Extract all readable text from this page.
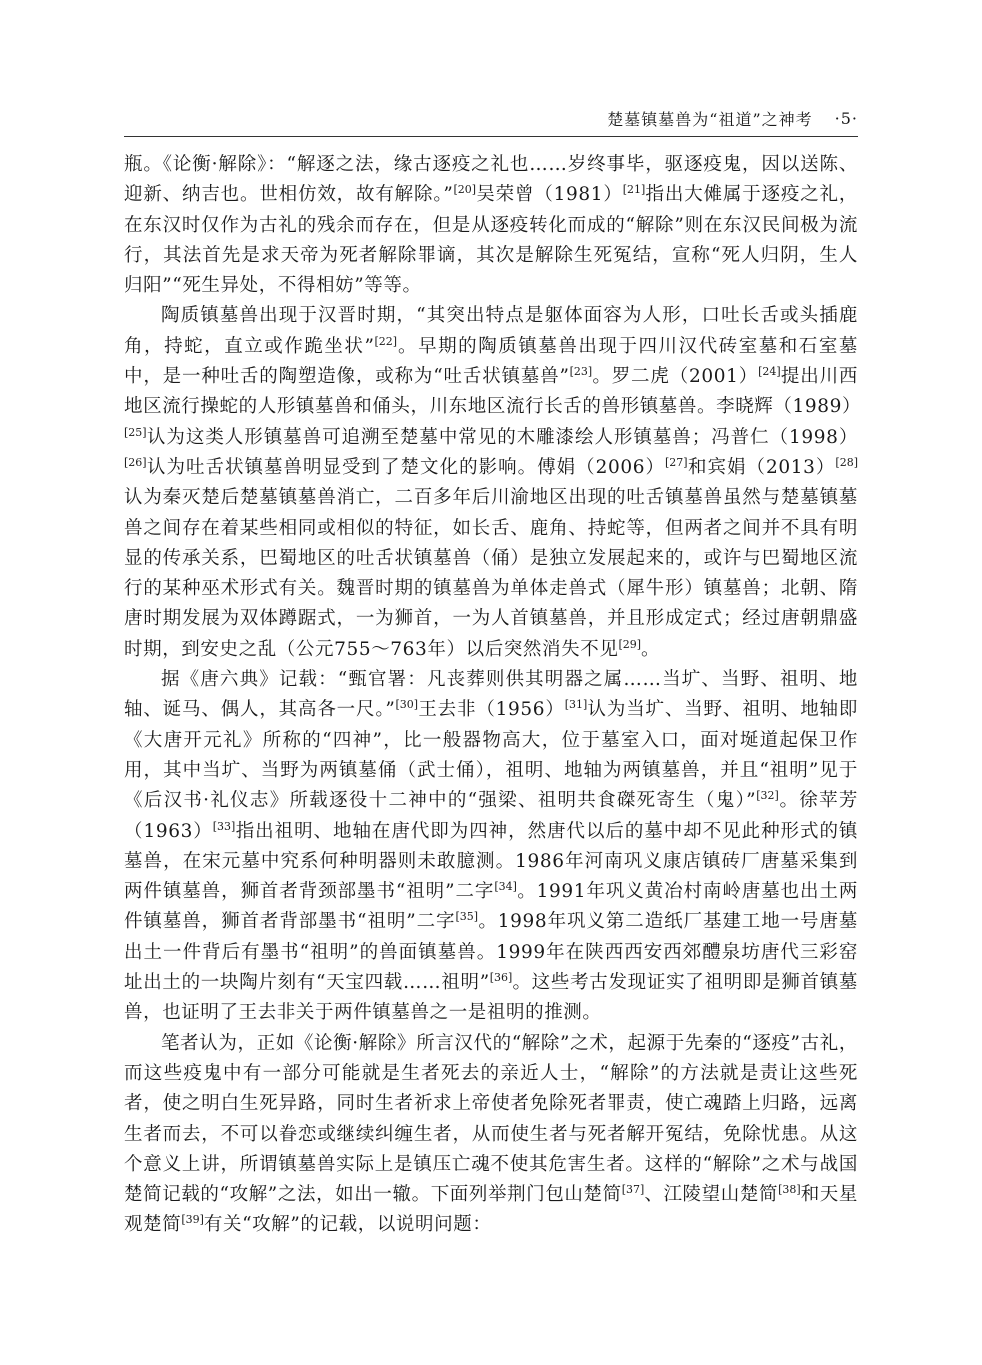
楚墓镇墓兽为“祖道”之神考 ·5·

瓶。《论衡·解除》：“解逐之法，缘古逐疫之礼也……岁终事毕，驱逐疫鬼，因以送陈、迎新、纳吉也。世相仿效，故有解除。”[20]吴荣曾（1981）[21]指出大傩属于逐疫之礼，在东汉时仅作为古礼的残余而存在，但是从逐疫转化而成的“解除”则在东汉民间极为流行，其法首先是求天帝为死者解除罪谪，其次是解除生死冤结，宣称“死人归阴，生人归阳”“死生异处，不得相妨”等等。

陶质镇墓兽出现于汉晋时期，“其突出特点是躯体面容为人形，口吐长舌或头插鹿角，持蛇，直立或作跪坐状”[22]。早期的陶质镇墓兽出现于四川汉代砖室墓和石室墓中，是一种吐舌的陶塑造像，或称为“吐舌状镇墓兽”[23]。罗二虎（2001）[24]提出川西地区流行操蛇的人形镇墓兽和俑头，川东地区流行长舌的兽形镇墓兽。李晓辉（1989）[25]认为这类人形镇墓兽可追溯至楚墓中常见的木雕漆绘人形镇墓兽；冯普仁（1998）[26]认为吐舌状镇墓兽明显受到了楚文化的影响。傅娟（2006）[27]和宾娟（2013）[28]认为秦灭楚后楚墓镇墓兽消亡，二百多年后川渝地区出现的吐舌镇墓兽虽然与楚墓镇墓兽之间存在着某些相同或相似的特征，如长舌、鹿角、持蛇等，但两者之间并不具有明显的传承关系，巴蜀地区的吐舌状镇墓兽（俑）是独立发展起来的，或许与巴蜀地区流行的某种巫术形式有关。魏晋时期的镇墓兽为单体走兽式（犀牛形）镇墓兽；北朝、隋唐时期发展为双体蹲踞式，一为狮首，一为人首镇墓兽，并且形成定式；经过唐朝鼎盛时期，到安史之乱（公元755～763年）以后突然消失不见[29]。

据《唐六典》记载：“甄官署：凡丧葬则供其明器之属……当圹、当野、祖明、地轴、诞马、偶人，其高各一尺。”[30]王去非（1956）[31]认为当圹、当野、祖明、地轴即《大唐开元礼》所称的“四神”，比一般器物高大，位于墓室入口，面对埏道起保卫作用，其中当圹、当野为两镇墓俑（武士俑），祖明、地轴为两镇墓兽，并且“祖明”见于《后汉书·礼仪志》所载逐役十二神中的“强梁、祖明共食磔死寄生（鬼）”[32]。徐苹芳（1963）[33]指出祖明、地轴在唐代即为四神，然唐代以后的墓中却不见此种形式的镇墓兽，在宋元墓中究系何种明器则未敢臆测。1986年河南巩义康店镇砖厂唐墓采集到两件镇墓兽，狮首者背颈部墨书“祖明”二字[34]。1991年巩义黄冶村南岭唐墓也出土两件镇墓兽，狮首者背部墨书“祖明”二字[35]。1998年巩义第二造纸厂基建工地一号唐墓出土一件背后有墨书“祖明”的兽面镇墓兽。1999年在陕西西安西郊醴泉坊唐代三彩窑址出土的一块陶片刻有“天宝四载……祖明”[36]。这些考古发现证实了祖明即是狮首镇墓兽，也证明了王去非关于两件镇墓兽之一是祖明的推测。

笔者认为，正如《论衡·解除》所言汉代的“解除”之术，起源于先秦的“逐疫”古礼，而这些疫鬼中有一部分可能就是生者死去的亲近人士，“解除”的方法就是责让这些死者，使之明白生死异路，同时生者祈求上帝使者免除死者罪责，使亡魂踏上归路，远离生者而去，不可以眷恋或继续纠缠生者，从而使生者与死者解开冤结，免除忧患。从这个意义上讲，所谓镇墓兽实际上是镇压亡魂不使其危害生者。这样的“解除”之术与战国楚简记载的“攻解”之法，如出一辙。下面列举荆门包山楚简[37]、江陵望山楚简[38]和天星观楚简[39]有关“攻解”的记载，以说明问题：
